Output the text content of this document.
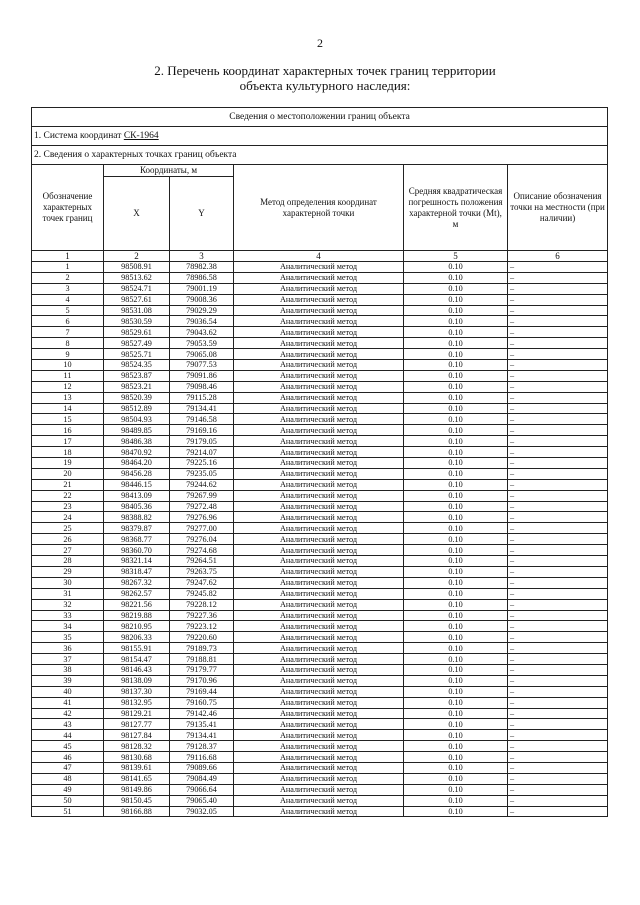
2
2. Перечень координат характерных точек границ территории
объекта культурного наследия:
Сведения о местоположении границ объекта					
1. Система координат СК-1964					
2. Сведения о характерных точках границ объекта					
Обозначение характерных точек границ	Координаты, м		Метод определения координат характерной точки	Средняя квадратическая погрешность положения характерной точки (Мt), м	Описание обозначения точки на местности (при наличии)
	X	Y			
1	2	3	4	5	6
1	98508.91	78982.38	Аналитический метод	0.10	–
2	98513.62	78986.58	Аналитический метод	0.10	–
3	98524.71	79001.19	Аналитический метод	0.10	–
4	98527.61	79008.36	Аналитический метод	0.10	–
5	98531.08	79029.29	Аналитический метод	0.10	–
6	98530.59	79036.54	Аналитический метод	0.10	–
7	98529.61	79043.62	Аналитический метод	0.10	–
8	98527.49	79053.59	Аналитический метод	0.10	–
9	98525.71	79065.08	Аналитический метод	0.10	–
10	98524.35	79077.53	Аналитический метод	0.10	–
11	98523.87	79091.86	Аналитический метод	0.10	–
12	98523.21	79098.46	Аналитический метод	0.10	–
13	98520.39	79115.28	Аналитический метод	0.10	–
14	98512.89	79134.41	Аналитический метод	0.10	–
15	98504.93	79146.58	Аналитический метод	0.10	–
16	98489.85	79169.16	Аналитический метод	0.10	–
17	98486.38	79179.05	Аналитический метод	0.10	–
18	98470.92	79214.07	Аналитический метод	0.10	–
19	98464.20	79225.16	Аналитический метод	0.10	–
20	98456.28	79235.05	Аналитический метод	0.10	–
21	98446.15	79244.62	Аналитический метод	0.10	–
22	98413.09	79267.99	Аналитический метод	0.10	–
23	98405.36	79272.48	Аналитический метод	0.10	–
24	98388.82	79276.96	Аналитический метод	0.10	–
25	98379.87	79277.00	Аналитический метод	0.10	–
26	98368.77	79276.04	Аналитический метод	0.10	–
27	98360.70	79274.68	Аналитический метод	0.10	–
28	98321.14	79264.51	Аналитический метод	0.10	–
29	98318.47	79263.75	Аналитический метод	0.10	–
30	98267.32	79247.62	Аналитический метод	0.10	–
31	98262.57	79245.82	Аналитический метод	0.10	–
32	98221.56	79228.12	Аналитический метод	0.10	–
33	98219.88	79227.36	Аналитический метод	0.10	–
34	98210.95	79223.12	Аналитический метод	0.10	–
35	98206.33	79220.60	Аналитический метод	0.10	–
36	98155.91	79189.73	Аналитический метод	0.10	–
37	98154.47	79188.81	Аналитический метод	0.10	–
38	98146.43	79179.77	Аналитический метод	0.10	–
39	98138.09	79170.96	Аналитический метод	0.10	–
40	98137.30	79169.44	Аналитический метод	0.10	–
41	98132.95	79160.75	Аналитический метод	0.10	–
42	98129.21	79142.46	Аналитический метод	0.10	–
43	98127.77	79135.41	Аналитический метод	0.10	–
44	98127.84	79134.41	Аналитический метод	0.10	–
45	98128.32	79128.37	Аналитический метод	0.10	–
46	98130.68	79116.68	Аналитический метод	0.10	–
47	98139.61	79089.66	Аналитический метод	0.10	–
48	98141.65	79084.49	Аналитический метод	0.10	–
49	98149.86	79066.64	Аналитический метод	0.10	–
50	98150.45	79065.40	Аналитический метод	0.10	–
51	98166.88	79032.05	Аналитический метод	0.10	–
